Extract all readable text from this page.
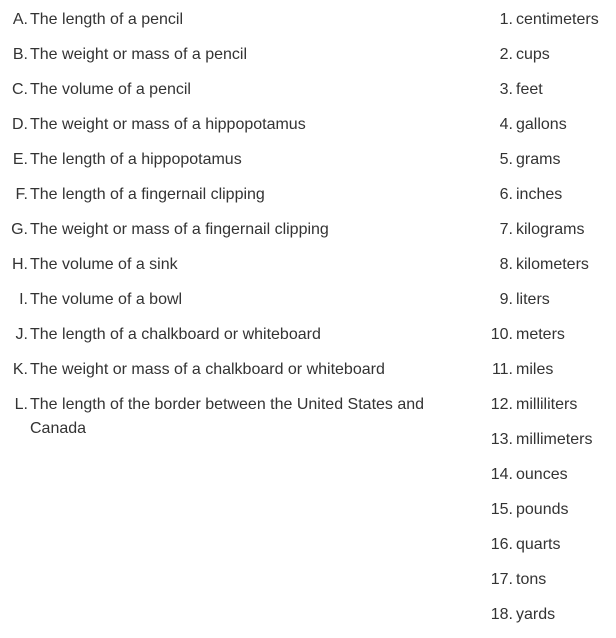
A. The length of a pencil
B. The weight or mass of a pencil
C. The volume of a pencil
D. The weight or mass of a hippopotamus
E. The length of a hippopotamus
F. The length of a fingernail clipping
G. The weight or mass of a fingernail clipping
H. The volume of a sink
I. The volume of a bowl
J. The length of a chalkboard or whiteboard
K. The weight or mass of a chalkboard or whiteboard
L. The length of the border between the United States and Canada
1. centimeters
2. cups
3. feet
4. gallons
5. grams
6. inches
7. kilograms
8. kilometers
9. liters
10. meters
11. miles
12. milliliters
13. millimeters
14. ounces
15. pounds
16. quarts
17. tons
18. yards
